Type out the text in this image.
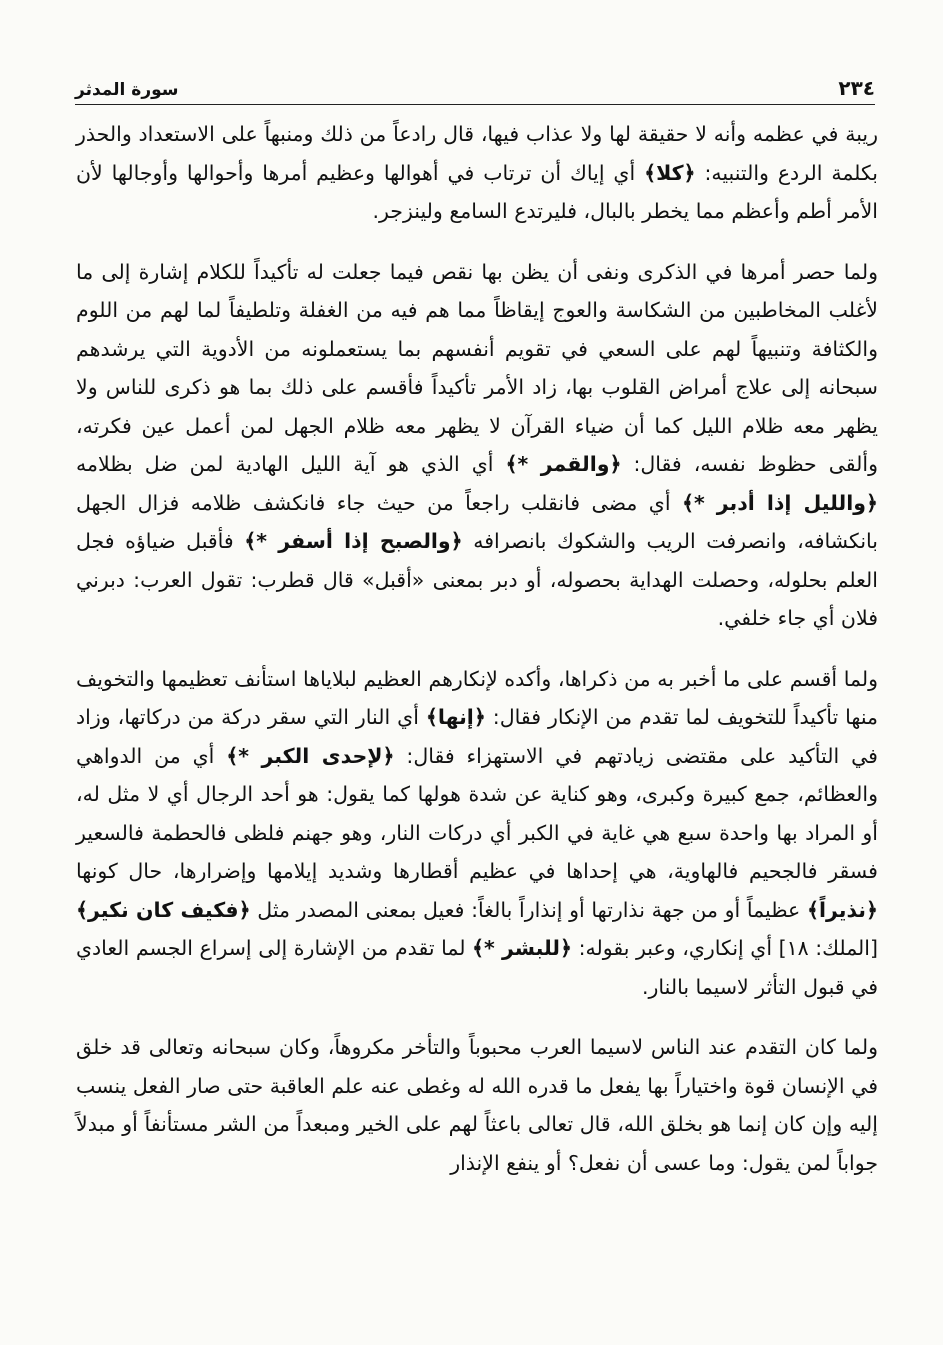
٢٣٤
سورة المدثر

ريبة في عظمه وأنه لا حقيقة لها ولا عذاب فيها، قال رادعاً من ذلك ومنبهاً على الاستعداد والحذر بكلمة الردع والتنبيه: ﴿كلا﴾ أي إياك أن ترتاب في أهوالها وعظيم أمرها وأحوالها وأوجالها لأن الأمر أطم وأعظم مما يخطر بالبال، فليرتدع السامع ولينزجر.

ولما حصر أمرها في الذكرى ونفى أن يظن بها نقص فيما جعلت له تأكيداً للكلام إشارة إلى ما لأغلب المخاطبين من الشكاسة والعوج إيقاظاً مما هم فيه من الغفلة وتلطيفاً لما لهم من اللوم والكثافة وتنبيهاً لهم على السعي في تقويم أنفسهم بما يستعملونه من الأدوية التي يرشدهم سبحانه إلى علاج أمراض القلوب بها، زاد الأمر تأكيداً فأقسم على ذلك بما هو ذكرى للناس ولا يظهر معه ظلام الليل كما أن ضياء القرآن لا يظهر معه ظلام الجهل لمن أعمل عين فكرته، وألقى حظوظ نفسه، فقال: ﴿والقمر *﴾ أي الذي هو آية الليل الهادية لمن ضل بظلامه ﴿والليل إذا أدبر *﴾ أي مضى فانقلب راجعاً من حيث جاء فانكشف ظلامه فزال الجهل بانكشافه، وانصرفت الريب والشكوك بانصرافه ﴿والصبح إذا أسفر *﴾ فأقبل ضياؤه فجل العلم بحلوله، وحصلت الهداية بحصوله، أو دبر بمعنى «أقبل» قال قطرب: تقول العرب: دبرني فلان أي جاء خلفي.

ولما أقسم على ما أخبر به من ذكراها، وأكده لإنكارهم العظيم لبلاياها استأنف تعظيمها والتخويف منها تأكيداً للتخويف لما تقدم من الإنكار فقال: ﴿إنها﴾ أي النار التي سقر دركة من دركاتها، وزاد في التأكيد على مقتضى زيادتهم في الاستهزاء فقال: ﴿لإحدى الكبر *﴾ أي من الدواهي والعظائم، جمع كبيرة وكبرى، وهو كناية عن شدة هولها كما يقول: هو أحد الرجال أي لا مثل له، أو المراد بها واحدة سبع هي غاية في الكبر أي دركات النار، وهو جهنم فلظى فالحطمة فالسعير فسقر فالجحيم فالهاوية، هي إحداها في عظيم أقطارها وشديد إيلامها وإضرارها، حال كونها ﴿نذيراً﴾ عظيماً أو من جهة نذارتها أو إنذاراً بالغاً: فعيل بمعنى المصدر مثل ﴿فكيف كان نكير﴾ [الملك: ١٨] أي إنكاري، وعبر بقوله: ﴿للبشر *﴾ لما تقدم من الإشارة إلى إسراع الجسم العادي في قبول التأثر لاسيما بالنار.

ولما كان التقدم عند الناس لاسيما العرب محبوباً والتأخر مكروهاً، وكان سبحانه وتعالى قد خلق في الإنسان قوة واختياراً بها يفعل ما قدره الله له وغطى عنه علم العاقبة حتى صار الفعل ينسب إليه وإن كان إنما هو بخلق الله، قال تعالى باعثاً لهم على الخير ومبعداً من الشر مستأنفاً أو مبدلاً جواباً لمن يقول: وما عسى أن نفعل؟ أو ينفع الإنذار
